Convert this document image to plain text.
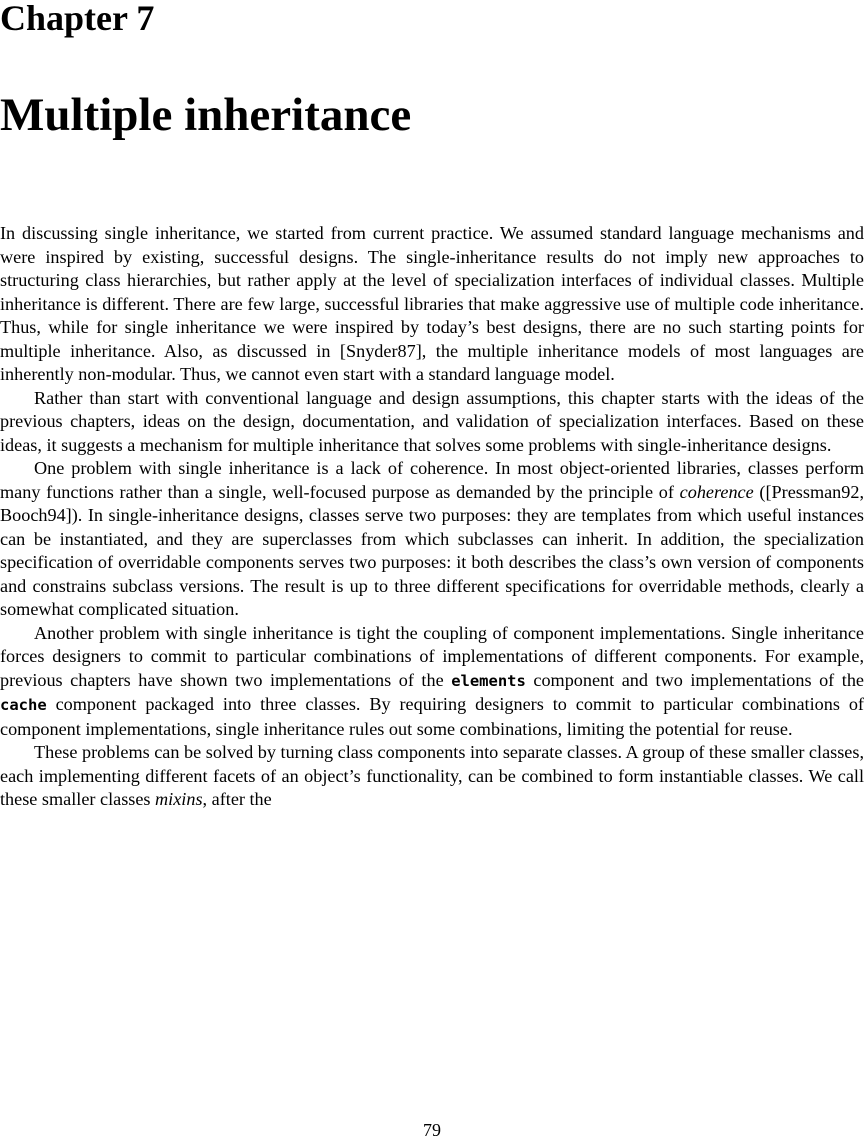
Chapter 7
Multiple inheritance

In discussing single inheritance, we started from current practice. We assumed standard language mechanisms and were inspired by existing, successful designs. The single-inheritance results do not imply new approaches to structuring class hierarchies, but rather apply at the level of specialization interfaces of individual classes. Multiple inheritance is different. There are few large, successful libraries that make aggressive use of multiple code inheritance. Thus, while for single inheritance we were inspired by today’s best designs, there are no such starting points for multiple inheritance. Also, as discussed in [Snyder87], the multiple inheritance models of most languages are inherently non-modular. Thus, we cannot even start with a standard language model.

Rather than start with conventional language and design assumptions, this chapter starts with the ideas of the previous chapters, ideas on the design, documentation, and validation of specialization interfaces. Based on these ideas, it suggests a mechanism for multiple inheritance that solves some problems with single-inheritance designs.

One problem with single inheritance is a lack of coherence. In most object-oriented libraries, classes perform many functions rather than a single, well-focused purpose as demanded by the principle of coherence ([Pressman92, Booch94]). In single-inheritance designs, classes serve two purposes: they are templates from which useful instances can be instantiated, and they are superclasses from which subclasses can inherit. In addition, the specialization specification of overridable components serves two purposes: it both describes the class’s own version of components and constrains subclass versions. The result is up to three different specifications for overridable methods, clearly a somewhat complicated situation.

Another problem with single inheritance is tight the coupling of component implementations. Single inheritance forces designers to commit to particular combinations of implementations of different components. For example, previous chapters have shown two implementations of the elements component and two implementations of the cache component packaged into three classes. By requiring designers to commit to particular combinations of component implementations, single inheritance rules out some combinations, limiting the potential for reuse.

These problems can be solved by turning class components into separate classes. A group of these smaller classes, each implementing different facets of an object’s functionality, can be combined to form instantiable classes. We call these smaller classes mixins, after the

79
